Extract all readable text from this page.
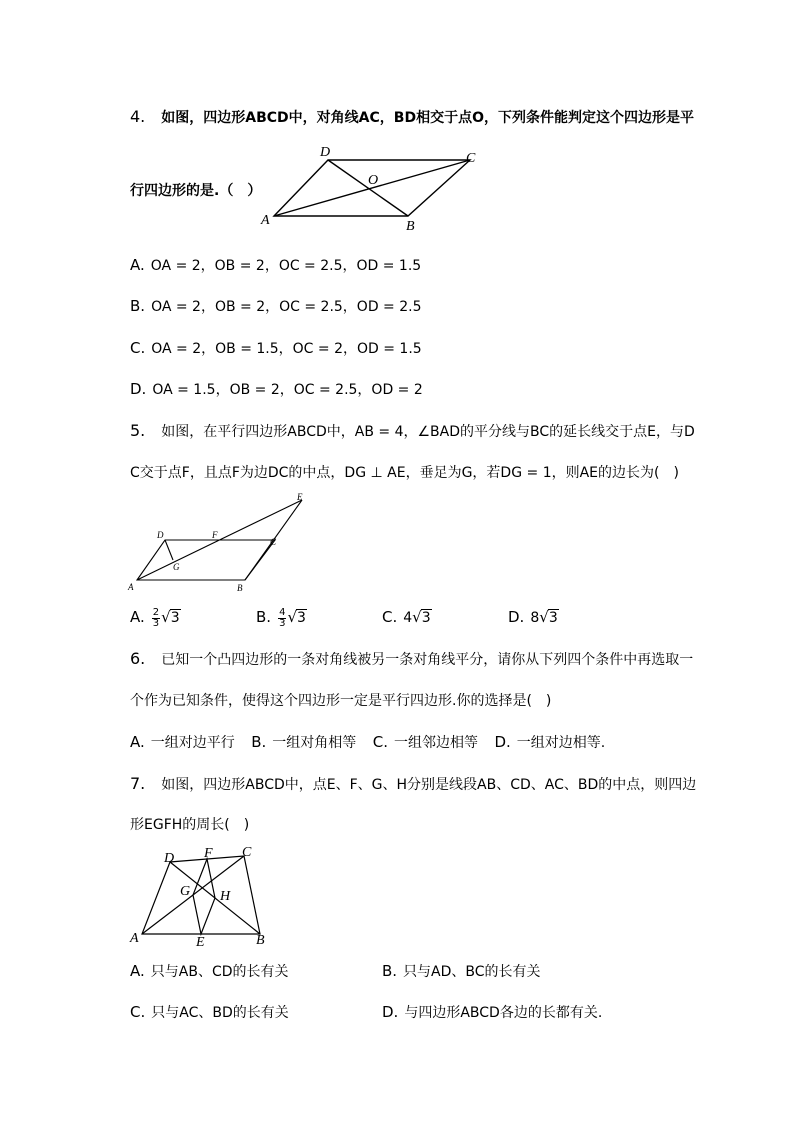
4. 如图，四边形ABCD中，对角线AC，BD相交于点O，下列条件能判定这个四边形是平
A	B
C
D
O
行四边形的是.（　）
A. OA = 2，OB = 2，OC = 2.5，OD = 1.5
B. OA = 2，OB = 2，OC = 2.5，OD = 2.5
C. OA = 2，OB = 1.5，OC = 2，OD = 1.5
D. OA = 1.5，OB = 2，OC = 2.5，OD = 2
5. 如图，在平行四边形ABCD中，AB = 4，∠BAD的平分线与BC的延长线交于点E，与D
C交于点F，且点F为边DC的中点，DG ⊥ AE，垂足为G，若DG = 1，则AE的边长为(　)
A	B
C
D
E
F
G
A. $\frac{2}{3} √3$	B. $\frac{4}{3} √3$	C. 4√3	D. 8√3
6. 已知一个凸四边形的一条对角线被另一条对角线平分，请你从下列四个条件中再选取一
个作为已知条件，使得这个四边形一定是平行四边形.你的选择是(　)
A. 一组对边平行 B. 一组对角相等 C. 一组邻边相等 D. 一组对边相等.
7. 如图，四边形ABCD中，点E、F、G、H分别是线段AB、CD、AC、BD的中点，则四边
形EGFH的周长(　)
A	B
C
D
E
F
G H
A. 只与AB、CD的长有关	B. 只与AD、BC的长有关
C. 只与AC、BD的长有关	D. 与四边形ABCD各边的长都有关.
